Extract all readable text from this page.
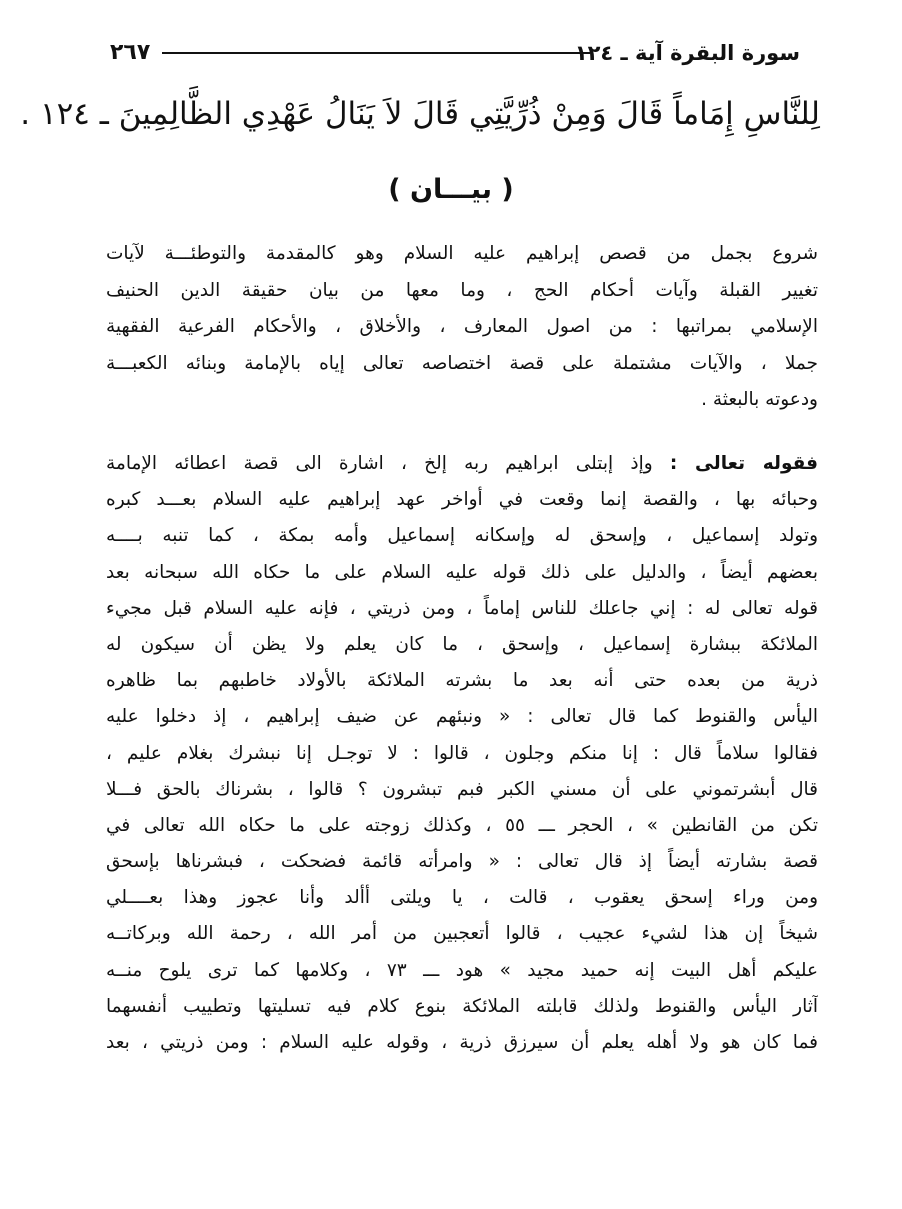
٢٦٧	سورة البقرة آية ـ ١٢٤
لِلنَّاسِ إِمَاماً قَالَ وَمِنْ ذُرِّيَّتِي قَالَ لاَ يَنَالُ عَهْدِي الظَّالِمِينَ ـ ١٢٤ .
( بيـــان )
شروع بجمل من قصص إبراهيم عليه السلام وهو كالمقدمة والتوطئـــة لآيات
تغيير القبلة وآيات أحكام الحج ، وما معها من بيان حقيقة الدين الحنيف
الإسلامي بمراتبها : من اصول المعارف ، والأخلاق ، والأحكام الفرعية الفقهية
جملا ، والآيات مشتملة على قصة اختصاصه تعالى إياه بالإمامة وبنائه الكعبـــة
ودعوته بالبعثة .
فقوله تعالى : وإذ إبتلى ابراهيم ربه إلخ ، اشارة الى قصة اعطائه الإمامة
وحبائه بها ، والقصة إنما وقعت في أواخر عهد إبراهيم عليه السلام بعـــد كبره
وتولد إسماعيل ، وإسحق له وإسكانه إسماعيل وأمه بمكة ، كما تنبه بــــه
بعضهم أيضاً ، والدليل على ذلك قوله عليه السلام على ما حكاه الله سبحانه بعد
قوله تعالى له : إني جاعلك للناس إماماً ، ومن ذريتي ، فإنه عليه السلام قبل مجيء
الملائكة ببشارة إسماعيل ، وإسحق ، ما كان يعلم ولا يظن أن سيكون له
ذرية من بعده حتى أنه بعد ما بشرته الملائكة بالأولاد خاطبهم بما ظاهره
اليأس والقنوط كما قال تعالى : « ونبئهم عن ضيف إبراهيم ، إذ دخلوا عليه
فقالوا سلاماً قال : إنا منكم وجلون ، قالوا : لا توجـل إنا نبشرك بغلام عليم ،
قال أبشرتموني على أن مسني الكبر فبم تبشرون ؟ قالوا ، بشرناك بالحق فـــلا
تكن من القانطين » ، الحجر ـــ ٥٥ ، وكذلك زوجته على ما حكاه الله تعالى في
قصة بشارته أيضاً إذ قال تعالى : « وامرأته قائمة فضحكت ، فبشرناها بإسحق
ومن وراء إسحق يعقوب ، قالت ، يا ويلتى أألد وأنا عجوز وهذا بعــــلي
شيخاً إن هذا لشيء عجيب ، قالوا أتعجبين من أمر الله ، رحمة الله وبركاتــه
عليكم أهل البيت إنه حميد مجيد » هود ـــ ٧٣ ، وكلامها كما ترى يلوح منــه
آثار اليأس والقنوط ولذلك قابلته الملائكة بنوع كلام فيه تسليتها وتطييب أنفسهما
فما كان هو ولا أهله يعلم أن سيرزق ذرية ، وقوله عليه السلام : ومن ذريتي ، بعد
